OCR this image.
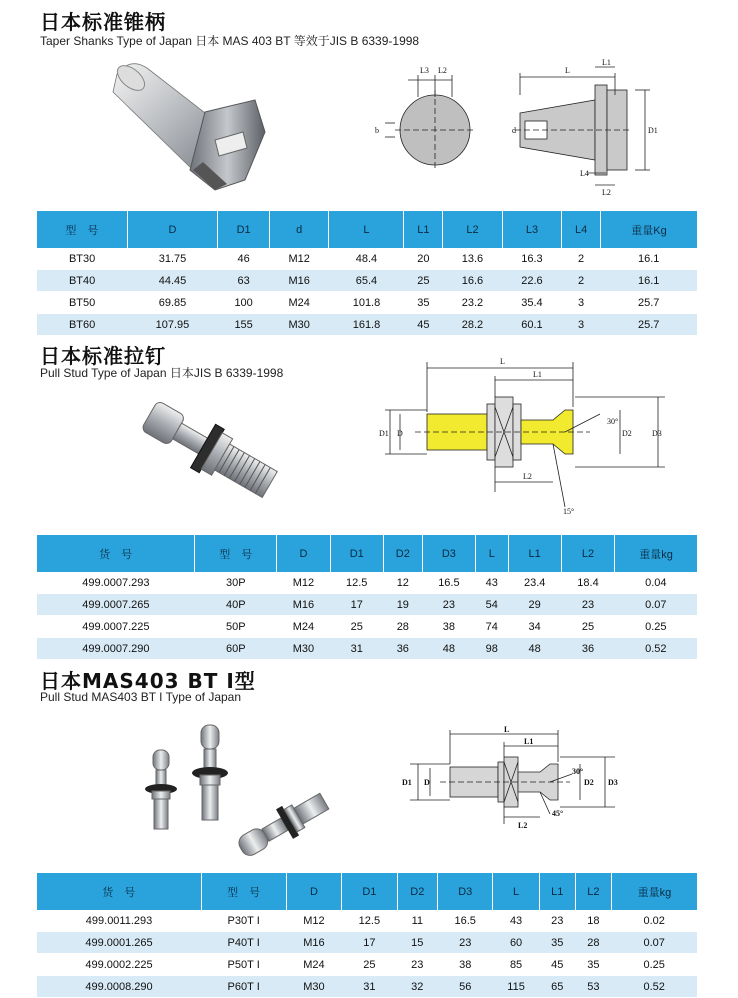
日本标准锥柄
Taper Shanks Type of Japan 日本 MAS 403 BT 等效于JIS B 6339-1998
L3 L2
b
L
L1
d	D1
L4
L2
型　号	D	D1	d	L	L1	L2	L3	L4	重量Kg
BT30	31.75	46	M12	48.4	20	13.6	16.3	2	16.1
BT40	44.45	63	M16	65.4	25	16.6	22.6	2	16.1
BT50	69.85	100	M24	101.8	35	23.2	35.4	3	25.7
BT60	107.95	155	M30	161.8	45	28.2	60.1	3	25.7
日本标准拉钉
Pull Stud Type of Japan 日本JIS B 6339-1998
L
L1
L2
D1 D	D2	D3
30°
15°
货　号	型　号	D	D1	D2	D3	L	L1	L2	重量kg
499.0007.293	30P	M12	12.5	12	16.5	43	23.4	18.4	0.04
499.0007.265	40P	M16	17	19	23	54	29	23	0.07
499.0007.225	50P	M24	25	28	38	74	34	25	0.25
499.0007.290	60P	M30	31	36	48	98	48	36	0.52
日本MAS403 BT I型
Pull Stud MAS403 BT I Type of Japan
L
L1
L2
D1 D	D2 D3
30°
45°
货　号	型　号	D	D1	D2	D3	L	L1	L2	重量kg
499.0011.293	P30T I	M12	12.5	11	16.5	43	23	18	0.02
499.0001.265	P40T I	M16	17	15	23	60	35	28	0.07
499.0002.225	P50T I	M24	25	23	38	85	45	35	0.25
499.0008.290	P60T I	M30	31	32	56	115	65	53	0.52
